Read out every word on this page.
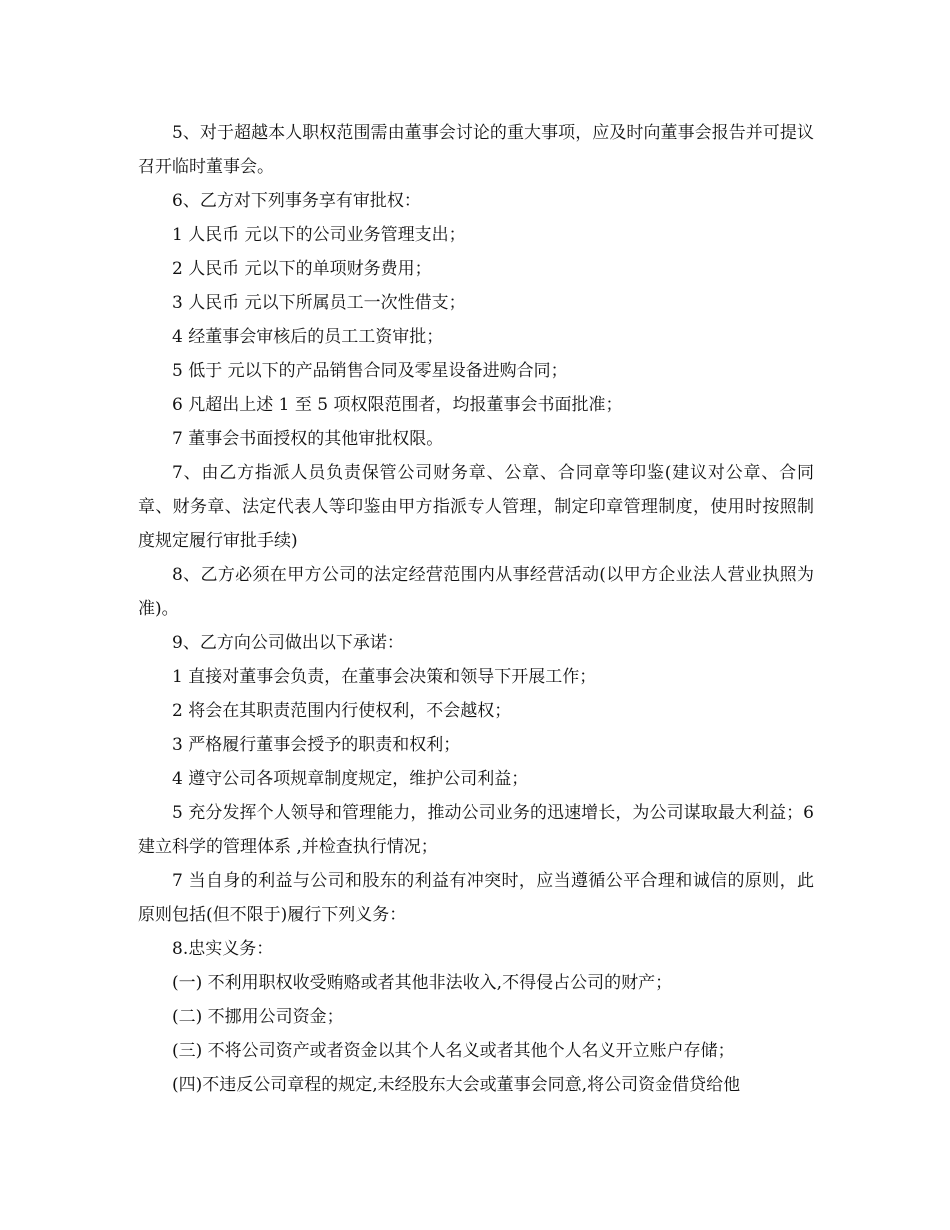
5、对于超越本人职权范围需由董事会讨论的重大事项，应及时向董事会报告并可提议召开临时董事会。

6、乙方对下列事务享有审批权：

1 人民币 元以下的公司业务管理支出；

2 人民币 元以下的单项财务费用；

3 人民币 元以下所属员工一次性借支；

4 经董事会审核后的员工工资审批；

5 低于 元以下的产品销售合同及零星设备进购合同；

6 凡超出上述 1 至 5 项权限范围者，均报董事会书面批准；

7 董事会书面授权的其他审批权限。

7、由乙方指派人员负责保管公司财务章、公章、合同章等印鉴(建议对公章、合同章、财务章、法定代表人等印鉴由甲方指派专人管理，制定印章管理制度，使用时按照制度规定履行审批手续)

8、乙方必须在甲方公司的法定经营范围内从事经营活动(以甲方企业法人营业执照为准)。

9、乙方向公司做出以下承诺：

1 直接对董事会负责，在董事会决策和领导下开展工作；

2 将会在其职责范围内行使权利，不会越权；

3 严格履行董事会授予的职责和权利；

4 遵守公司各项规章制度规定，维护公司利益；

5 充分发挥个人领导和管理能力，推动公司业务的迅速增长，为公司谋取最大利益；6 建立科学的管理体系 ,并检查执行情况；

7 当自身的利益与公司和股东的利益有冲突时，应当遵循公平合理和诚信的原则，此原则包括(但不限于)履行下列义务：

8.忠实义务：

(一) 不利用职权收受贿赂或者其他非法收入,不得侵占公司的财产；

(二) 不挪用公司资金；

(三) 不将公司资产或者资金以其个人名义或者其他个人名义开立账户存储；

(四)不违反公司章程的规定,未经股东大会或董事会同意,将公司资金借贷给他
